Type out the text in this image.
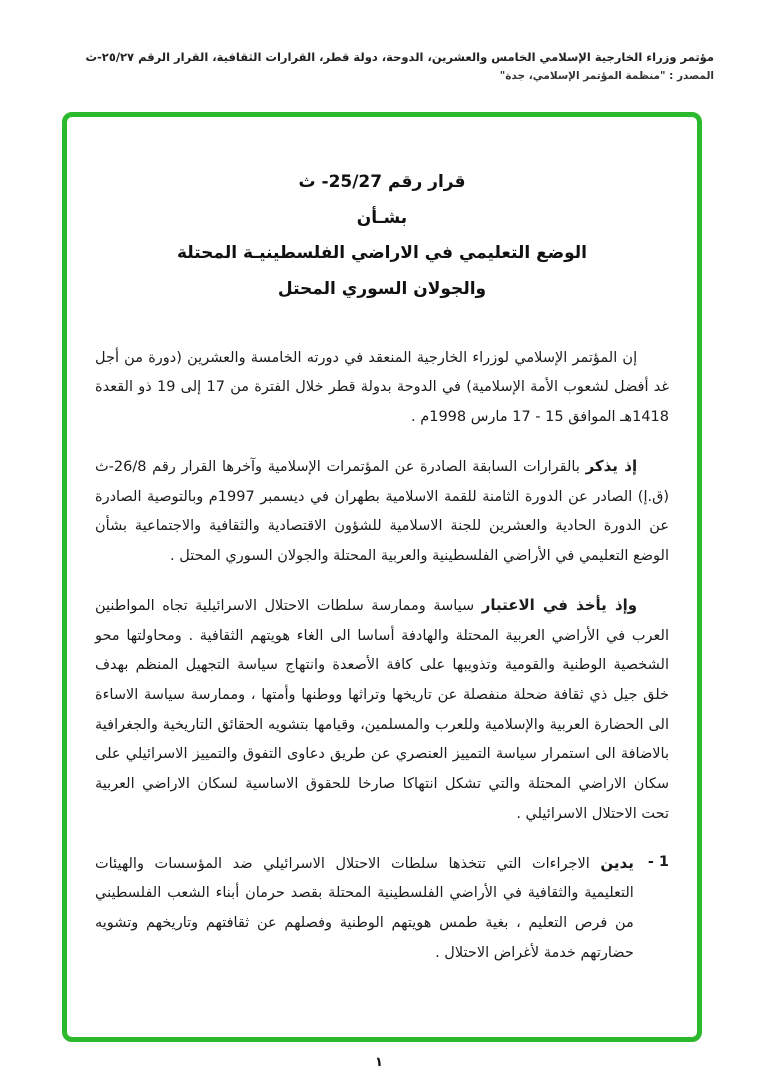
مؤتمر وزراء الخارجية الإسلامي الخامس والعشرين، الدوحة، دولة قطر، القرارات الثقافية، القرار الرقم ٢٥/٢٧-ث
المصدر : "منظمة المؤتمر الإسلامي، جدة"
قرار رقم 25/27- ث
بشـأن
الوضع التعليمي في الاراضي الفلسطينيـة المحتلة
والجولان السوري المحتل

إن المؤتمر الإسلامي لوزراء الخارجية المنعقد في دورته الخامسة والعشرين (دورة من أجل غد أفضل لشعوب الأمة الإسلامية) في الدوحة بدولة قطر خلال الفترة من 17 إلى 19 ذو القعدة 1418هـ الموافق 15 - 17 مارس 1998م .

إذ يذكر بالقرارات السابقة الصادرة عن المؤتمرات الإسلامية وآخرها القرار رقم 26/8-ث (ق.إ) الصادر عن الدورة الثامنة للقمة الاسلامية بطهران في ديسمبر 1997م وبالتوصية الصادرة عن الدورة الحادية والعشرين للجنة الاسلامية للشؤون الاقتصادية والثقافية والاجتماعية بشأن الوضع التعليمي في الأراضي الفلسطينية والعربية المحتلة والجولان السوري المحتل .

وإذ يأخذ في الاعتبار سياسة وممارسة سلطات الاحتلال الاسرائيلية تجاه المواطنين العرب في الأراضي العربية المحتلة والهادفة أساسا الى الغاء هويتهم الثقافية . ومحاولتها محو الشخصية الوطنية والقومية وتذويبها على كافة الأصعدة وانتهاج سياسة التجهيل المنظم بهدف خلق جيل ذي ثقافة ضحلة منفصلة عن تاريخها وتراثها ووطنها وأمتها ، وممارسة سياسة الاساءة الى الحضارة العربية والإسلامية وللعرب والمسلمين، وقيامها بتشويه الحقائق التاريخية والجغرافية بالاضافة الى استمرار سياسة التمييز العنصري عن طريق دعاوى التفوق والتمييز الاسرائيلي على سكان الاراضي المحتلة والتي تشكل انتهاكا صارخا للحقوق الاساسية لسكان الاراضي العربية تحت الاحتلال الاسرائيلي .

1 -
يدين الاجراءات التي تتخذها سلطات الاحتلال الاسرائيلي ضد المؤسسات والهيئات التعليمية والثقافية في الأراضي الفلسطينية المحتلة بقصد حرمان أبناء الشعب الفلسطيني من فرص التعليم ، بغية طمس هويتهم الوطنية وفصلهم عن ثقافتهم وتاريخهم وتشويه حضارتهم خدمة لأغراض الاحتلال .
١
